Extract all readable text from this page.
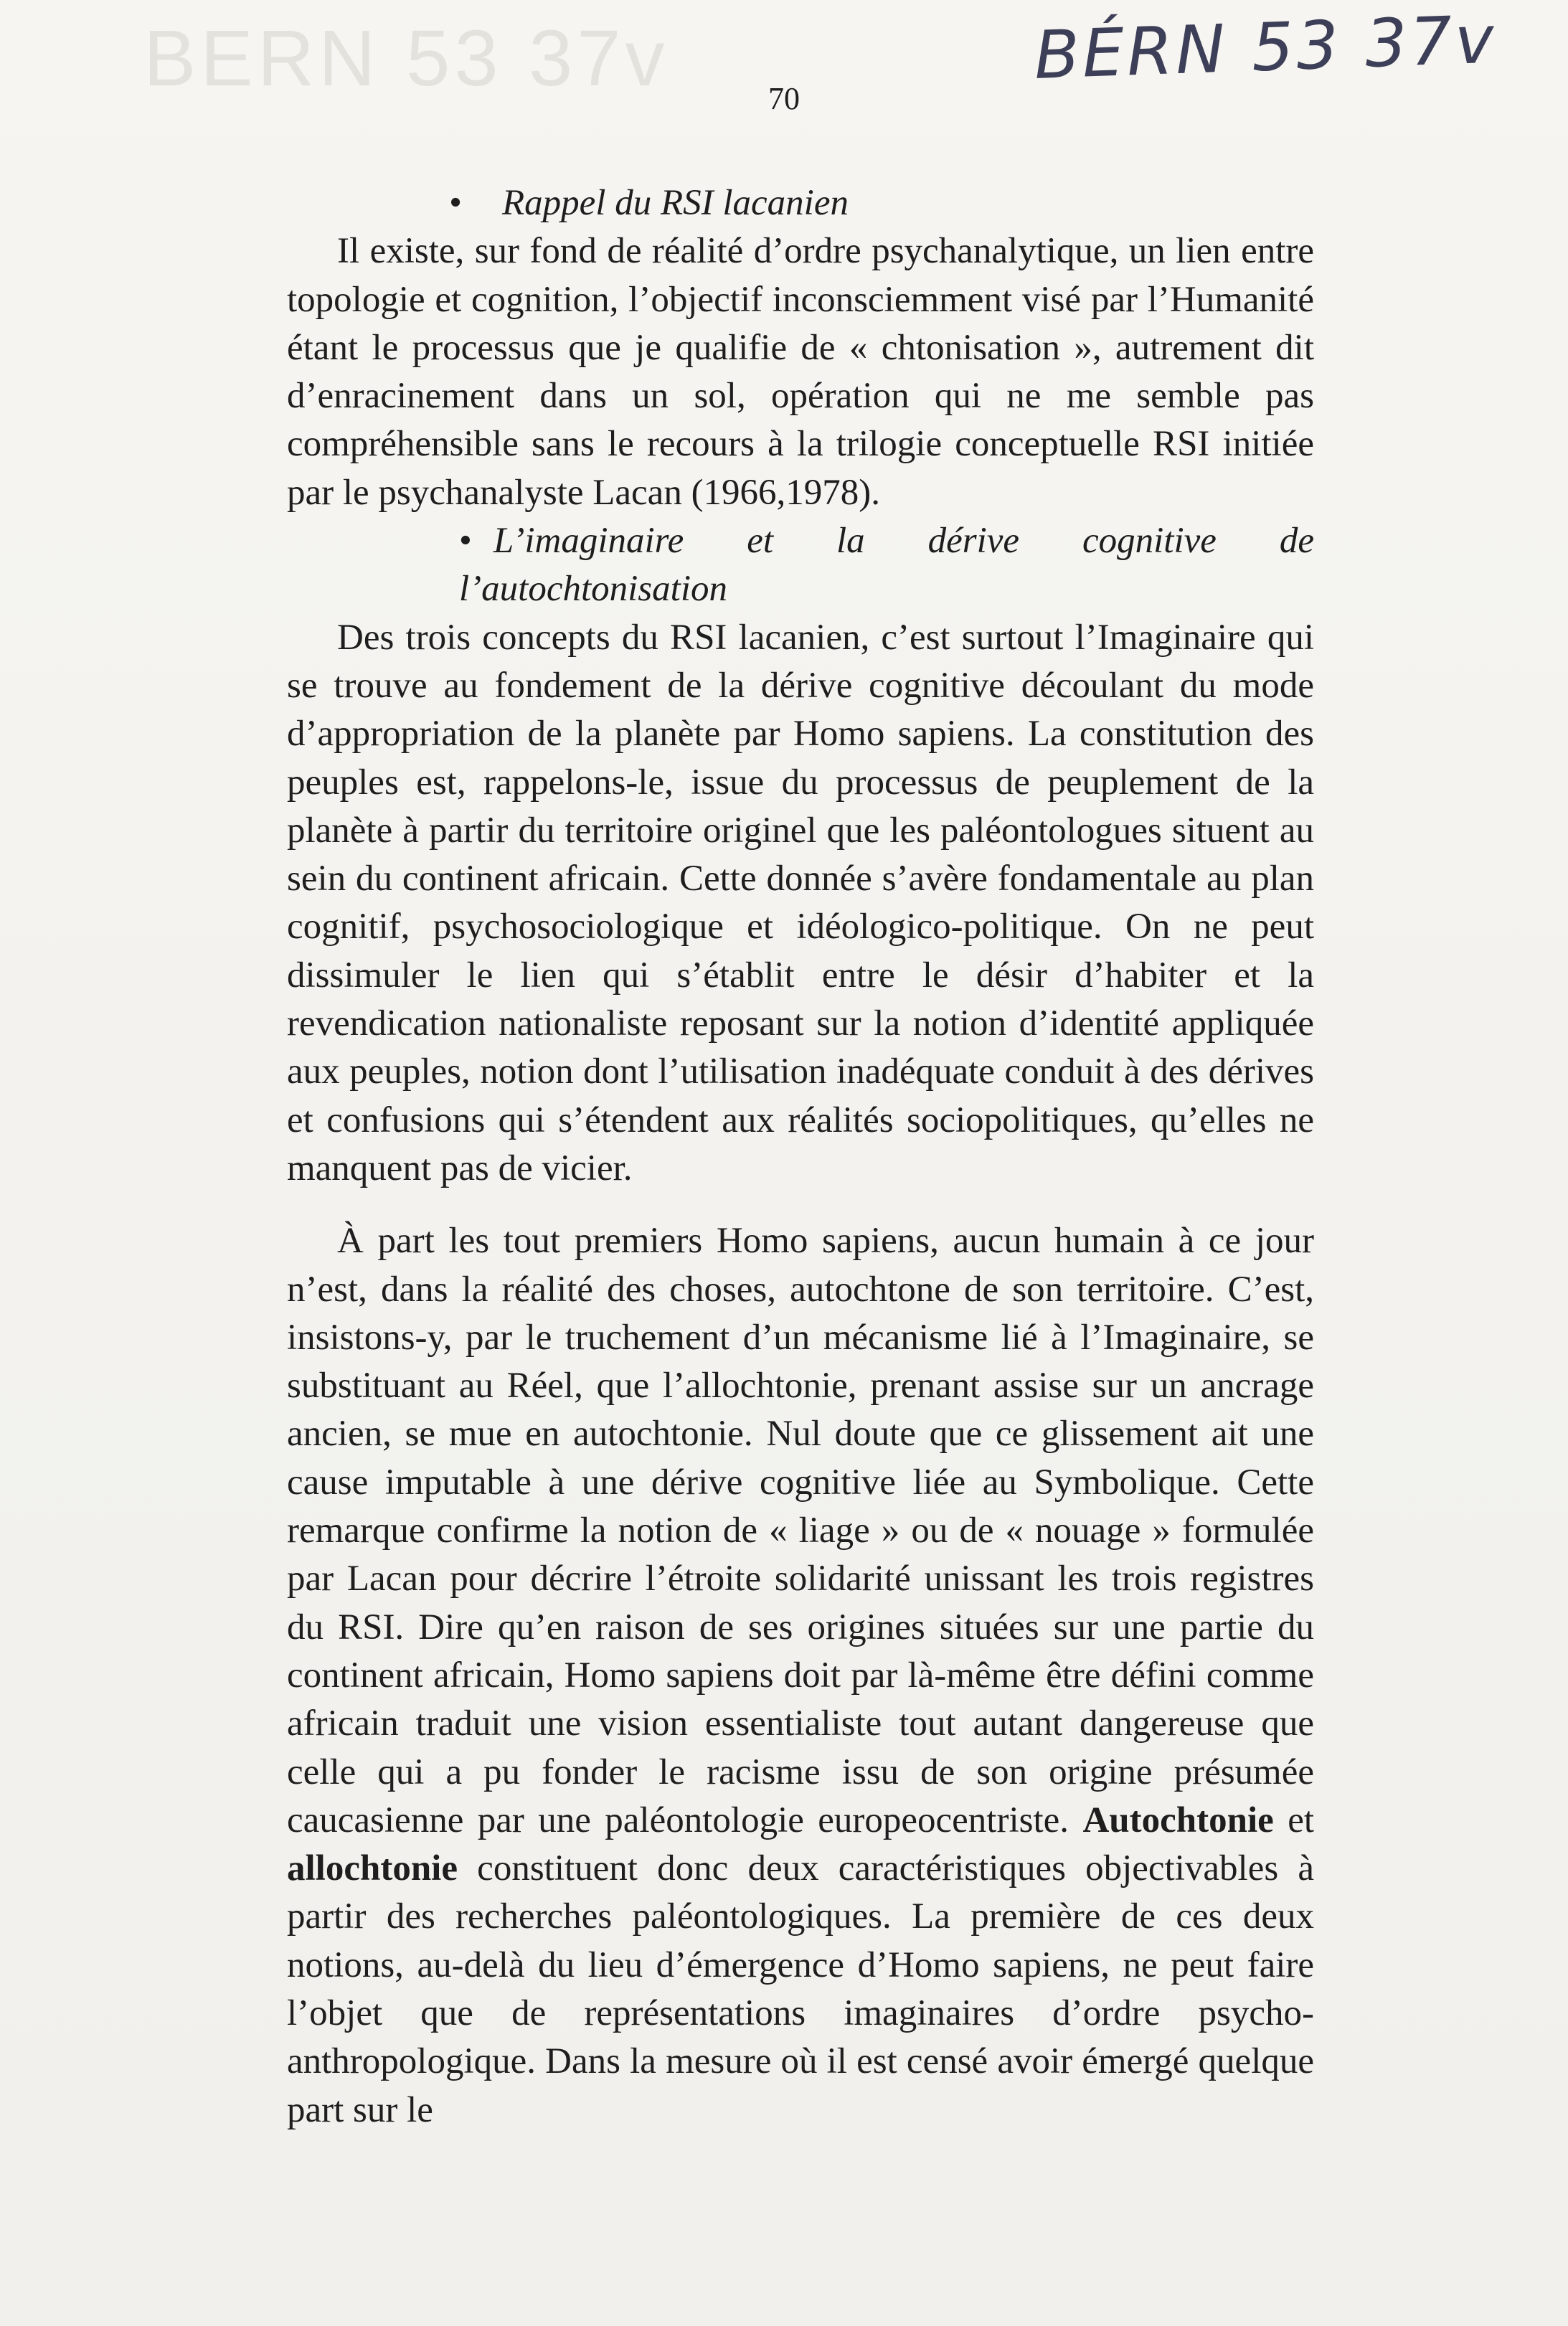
BERN 53 37v	BÉRN 53 37v
70
•	Rappel du RSI lacanien

Il existe, sur fond de réalité d’ordre psychanalytique, un lien entre topologie et cognition, l’objectif inconsciemment visé par l’Humanité étant le processus que je qualifie de « chtonisation », autrement dit d’enracinement dans un sol, opération qui ne me semble pas compréhensible sans le recours à la trilogie conceptuelle RSI initiée par le psychanalyste Lacan (1966,1978).

• L’imaginaire et la dérive cognitive de
l’autochtonisation

Des trois concepts du RSI lacanien, c’est surtout l’Imaginaire qui se trouve au fondement de la dérive cognitive découlant du mode d’appropriation de la planète par Homo sapiens. La constitution des peuples est, rappelons-le, issue du processus de peuplement de la planète à partir du territoire originel que les paléontologues situent au sein du continent africain. Cette donnée s’avère fondamentale au plan cognitif, psychosociologique et idéologico-politique. On ne peut dissimuler le lien qui s’établit entre le désir d’habiter et la revendication nationaliste reposant sur la notion d’identité appliquée aux peuples, notion dont l’utilisation inadéquate conduit à des dérives et confusions qui s’étendent aux réalités sociopolitiques, qu’elles ne manquent pas de vicier.

À part les tout premiers Homo sapiens, aucun humain à ce jour n’est, dans la réalité des choses, autochtone de son territoire. C’est, insistons-y, par le truchement d’un mécanisme lié à l’Imaginaire, se substituant au Réel, que l’allochtonie, prenant assise sur un ancrage ancien, se mue en autochtonie. Nul doute que ce glissement ait une cause imputable à une dérive cognitive liée au Symbolique. Cette remarque confirme la notion de « liage » ou de « nouage » formulée par Lacan pour décrire l’étroite solidarité unissant les trois registres du RSI. Dire qu’en raison de ses origines situées sur une partie du continent africain, Homo sapiens doit par là-même être défini comme africain traduit une vision essentialiste tout autant dangereuse que celle qui a pu fonder le racisme issu de son origine présumée caucasienne par une paléontologie europeocentriste. Autochtonie et allochtonie constituent donc deux caractéristiques objectivables à partir des recherches paléontologiques. La première de ces deux notions, au-delà du lieu d’émergence d’Homo sapiens, ne peut faire l’objet que de représentations imaginaires d’ordre psycho-anthropologique. Dans la mesure où il est censé avoir émergé quelque part sur le
